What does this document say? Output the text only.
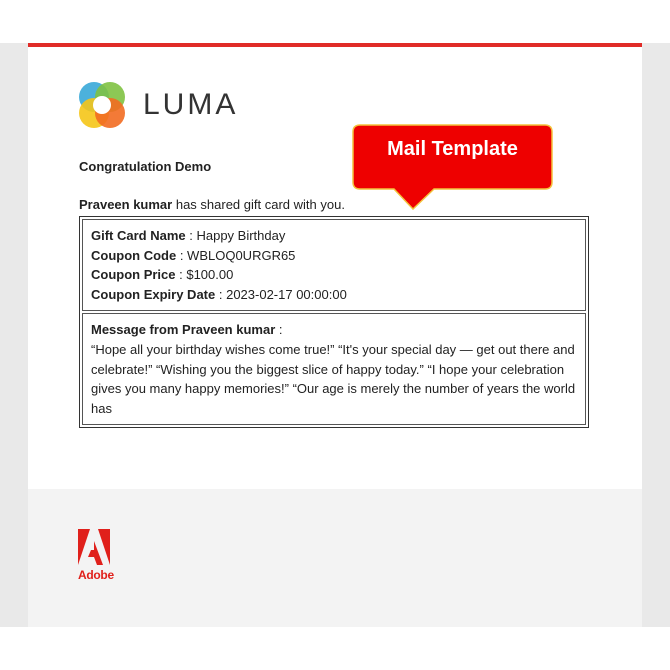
LUMA
Congratulation Demo
Praveen kumar has shared gift card with you.
Gift Card Name : Happy Birthday
Coupon Code : WBLOQ0URGR65
Coupon Price : $100.00
Coupon Expiry Date : 2023-02-17 00:00:00
Message from Praveen kumar :
“Hope all your birthday wishes come true!” “It's your special day — get out there and celebrate!” “Wishing you the biggest slice of happy today.” “I hope your celebration gives you many happy memories!” “Our age is merely the number of years the world has
Mail Template
Adobe
